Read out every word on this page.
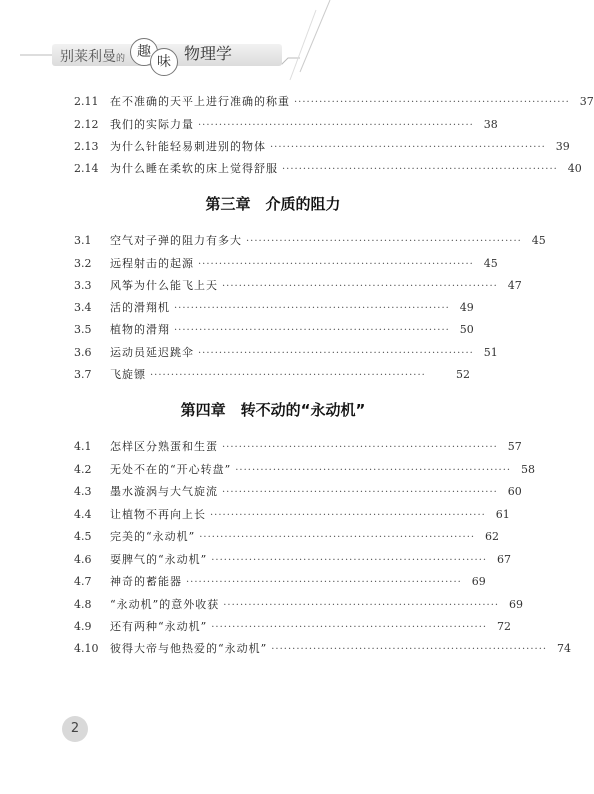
别莱利曼的 趣
味 物理学
2.11	在不准确的天平上进行准确的称重 ·································································· 37
2.12	我们的实际力量 ·································································· 38
2.13	为什么针能轻易刺进别的物体 ·································································· 39
2.14	为什么睡在柔软的床上觉得舒服 ·································································· 40
第三章　介质的阻力
3.1	空气对子弹的阻力有多大 ·································································· 45
3.2	远程射击的起源 ·································································· 45
3.3	风筝为什么能飞上天 ·································································· 47
3.4	活的滑翔机 ·································································· 49
3.5	植物的滑翔 ·································································· 50
3.6	运动员延迟跳伞 ·································································· 51
3.7	飞旋镖 ··································································	52
第四章　转不动的“永动机”
4.1	怎样区分熟蛋和生蛋 ·································································· 57
4.2	无处不在的“开心转盘” ·································································· 58
4.3	墨水漩涡与大气旋流 ·································································· 60
4.4	让植物不再向上长 ·································································· 61
4.5	完美的“永动机” ·································································· 62
4.6	耍脾气的“永动机” ·································································· 67
4.7	神奇的蓄能器 ·································································· 69
4.8	“永动机”的意外收获 ·································································· 69
4.9	还有两种“永动机” ·································································· 72
4.10	彼得大帝与他热爱的“永动机” ·································································· 74
2
